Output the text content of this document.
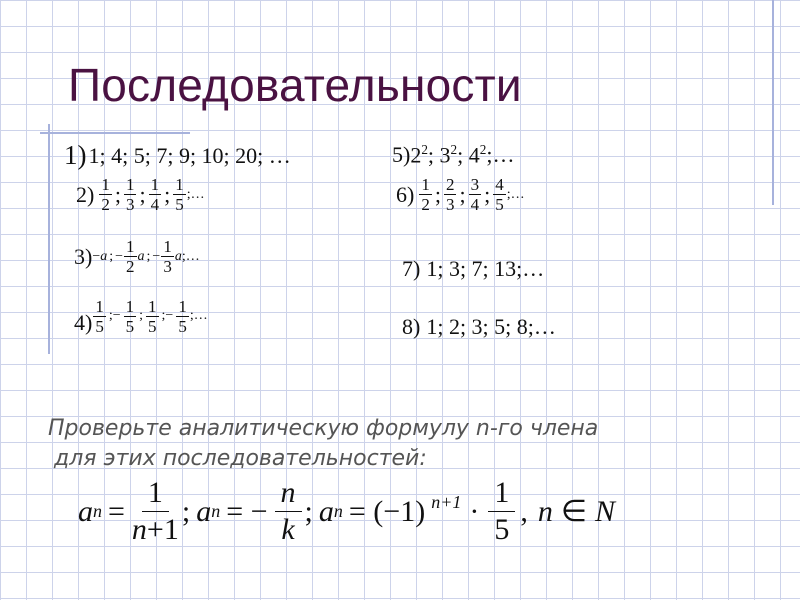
Последовательности
1) 1; 4; 5; 7; 9; 10; 20; …	5) $2^2$; $3^2$; $4^2$ ;…
$2) \frac{1}{2}$ ; $\frac{1}{3}$ ; $\frac{1}{4}$ ; $\frac{1}{5}$ ;…	$6) \frac{1}{2}$ ; $\frac{2}{3}$ ; $\frac{3}{4}$ ; $\frac{4}{5}$ ;…
3) − a ; − $\frac{1}{2}$ a ; − $\frac{1}{3}$ a ;…	7) 1; 3; 7; 13;…
$4) \frac{1}{5}$ ;− $\frac{1}{5}$ ; $\frac{1}{5}$ ;− $\frac{1}{5}$ ;…	8) 1; 2; 3; 5; 8;…
Проверьте аналитическую формулу n-го члена
для этих последовательностей:
a $n = \frac{1}{n+1}$ ; a n = − $\frac{n}{k}$ ; a n = (−1) $^{n+1} \cdot \frac{1}{5}$ , n ∈ N
